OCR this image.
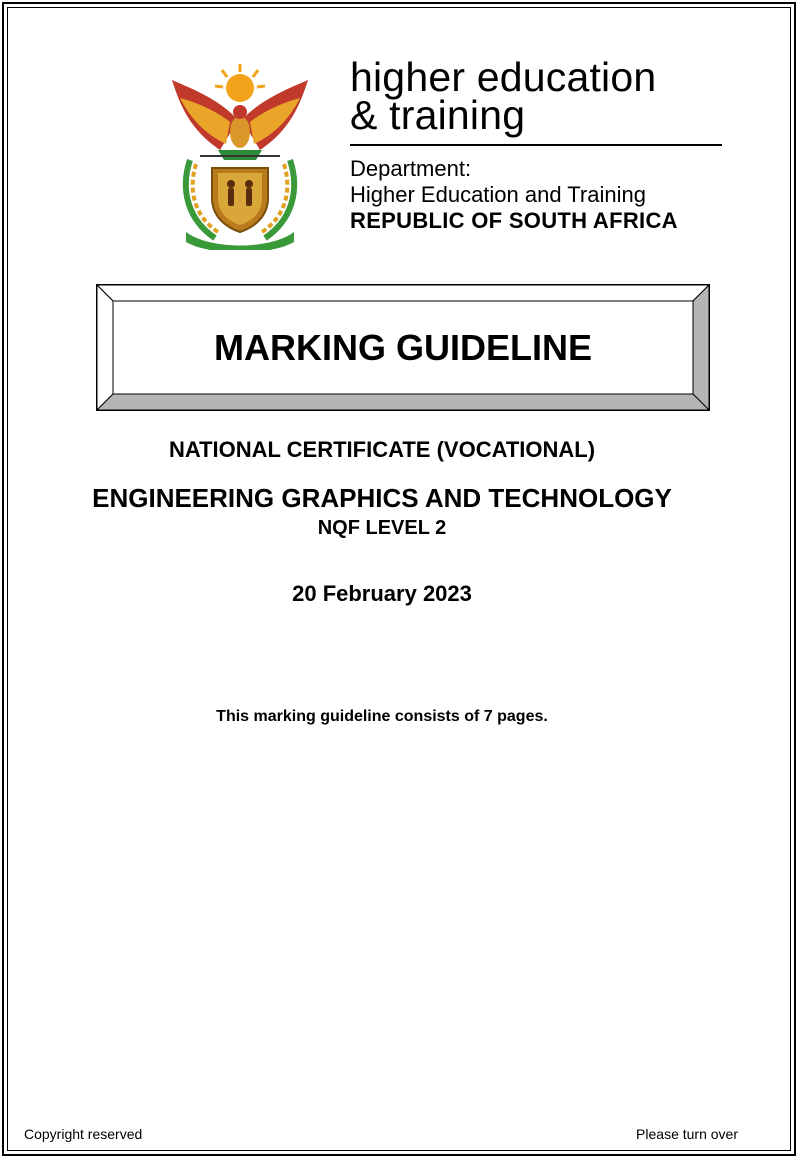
higher education
& training
Department:
Higher Education and Training
REPUBLIC OF SOUTH AFRICA
MARKING GUIDELINE
NATIONAL CERTIFICATE (VOCATIONAL)
ENGINEERING GRAPHICS AND TECHNOLOGY
NQF LEVEL 2
20 February 2023
This marking guideline consists of 7 pages.
Copyright reserved	Please turn over
